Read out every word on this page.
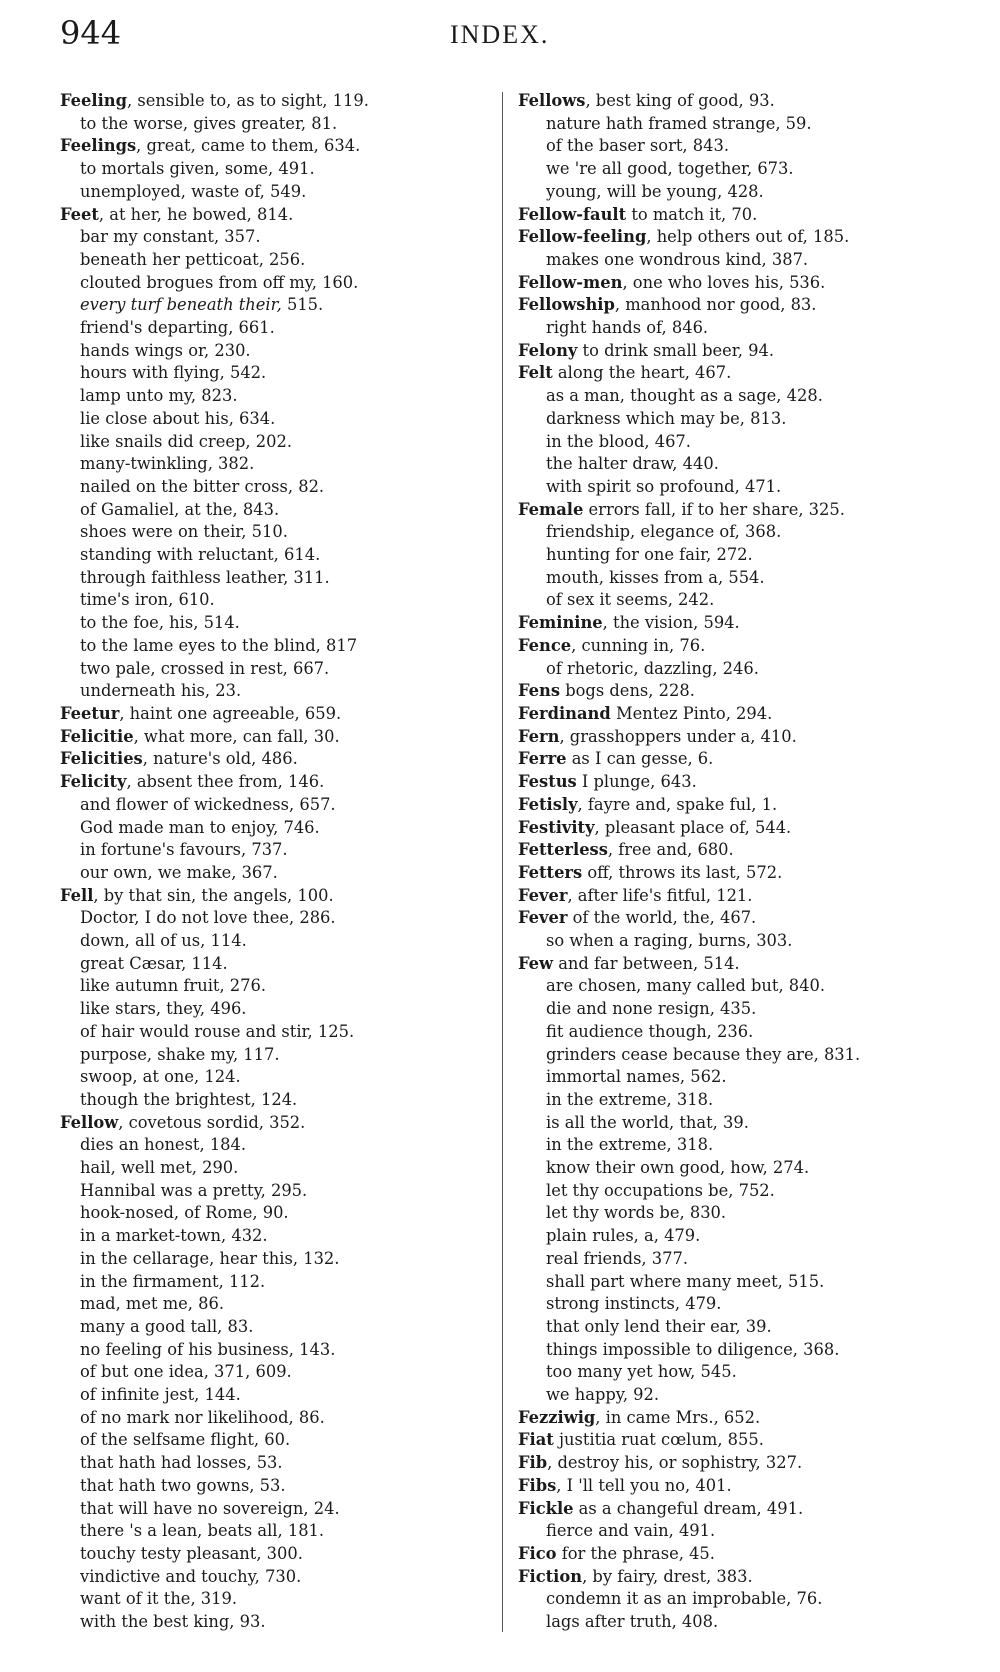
944	INDEX.
Feeling, sensible to, as to sight, 119.
to the worse, gives greater, 81.
Feelings, great, came to them, 634.
to mortals given, some, 491.
unemployed, waste of, 549.
Feet, at her, he bowed, 814.
bar my constant, 357.
beneath her petticoat, 256.
clouted brogues from off my, 160.
every turf beneath their, 515.
friend's departing, 661.
hands wings or, 230.
hours with flying, 542.
lamp unto my, 823.
lie close about his, 634.
like snails did creep, 202.
many-twinkling, 382.
nailed on the bitter cross, 82.
of Gamaliel, at the, 843.
shoes were on their, 510.
standing with reluctant, 614.
through faithless leather, 311.
time's iron, 610.
to the foe, his, 514.
to the lame eyes to the blind, 817
two pale, crossed in rest, 667.
underneath his, 23.
Feetur, haint one agreeable, 659.
Felicitie, what more, can fall, 30.
Felicities, nature's old, 486.
Felicity, absent thee from, 146.
and flower of wickedness, 657.
God made man to enjoy, 746.
in fortune's favours, 737.
our own, we make, 367.
Fell, by that sin, the angels, 100.
Doctor, I do not love thee, 286.
down, all of us, 114.
great Cæsar, 114.
like autumn fruit, 276.
like stars, they, 496.
of hair would rouse and stir, 125.
purpose, shake my, 117.
swoop, at one, 124.
though the brightest, 124.
Fellow, covetous sordid, 352.
dies an honest, 184.
hail, well met, 290.
Hannibal was a pretty, 295.
hook-nosed, of Rome, 90.
in a market-town, 432.
in the cellarage, hear this, 132.
in the firmament, 112.
mad, met me, 86.
many a good tall, 83.
no feeling of his business, 143.
of but one idea, 371, 609.
of infinite jest, 144.
of no mark nor likelihood, 86.
of the selfsame flight, 60.
that hath had losses, 53.
that hath two gowns, 53.
that will have no sovereign, 24.
there 's a lean, beats all, 181.
touchy testy pleasant, 300.
vindictive and touchy, 730.
want of it the, 319.
with the best king, 93.
Fellows, best king of good, 93.
nature hath framed strange, 59.
of the baser sort, 843.
we 're all good, together, 673.
young, will be young, 428.
Fellow-fault to match it, 70.
Fellow-feeling, help others out of, 185.
makes one wondrous kind, 387.
Fellow-men, one who loves his, 536.
Fellowship, manhood nor good, 83.
right hands of, 846.
Felony to drink small beer, 94.
Felt along the heart, 467.
as a man, thought as a sage, 428.
darkness which may be, 813.
in the blood, 467.
the halter draw, 440.
with spirit so profound, 471.
Female errors fall, if to her share, 325.
friendship, elegance of, 368.
hunting for one fair, 272.
mouth, kisses from a, 554.
of sex it seems, 242.
Feminine, the vision, 594.
Fence, cunning in, 76.
of rhetoric, dazzling, 246.
Fens bogs dens, 228.
Ferdinand Mentez Pinto, 294.
Fern, grasshoppers under a, 410.
Ferre as I can gesse, 6.
Festus I plunge, 643.
Fetisly, fayre and, spake ful, 1.
Festivity, pleasant place of, 544.
Fetterless, free and, 680.
Fetters off, throws its last, 572.
Fever, after life's fitful, 121.
Fever of the world, the, 467.
so when a raging, burns, 303.
Few and far between, 514.
are chosen, many called but, 840.
die and none resign, 435.
fit audience though, 236.
grinders cease because they are, 831.
immortal names, 562.
in the extreme, 318.
is all the world, that, 39.
in the extreme, 318.
know their own good, how, 274.
let thy occupations be, 752.
let thy words be, 830.
plain rules, a, 479.
real friends, 377.
shall part where many meet, 515.
strong instincts, 479.
that only lend their ear, 39.
things impossible to diligence, 368.
too many yet how, 545.
we happy, 92.
Fezziwig, in came Mrs., 652.
Fiat justitia ruat cœlum, 855.
Fib, destroy his, or sophistry, 327.
Fibs, I 'll tell you no, 401.
Fickle as a changeful dream, 491.
fierce and vain, 491.
Fico for the phrase, 45.
Fiction, by fairy, drest, 383.
condemn it as an improbable, 76.
lags after truth, 408.
